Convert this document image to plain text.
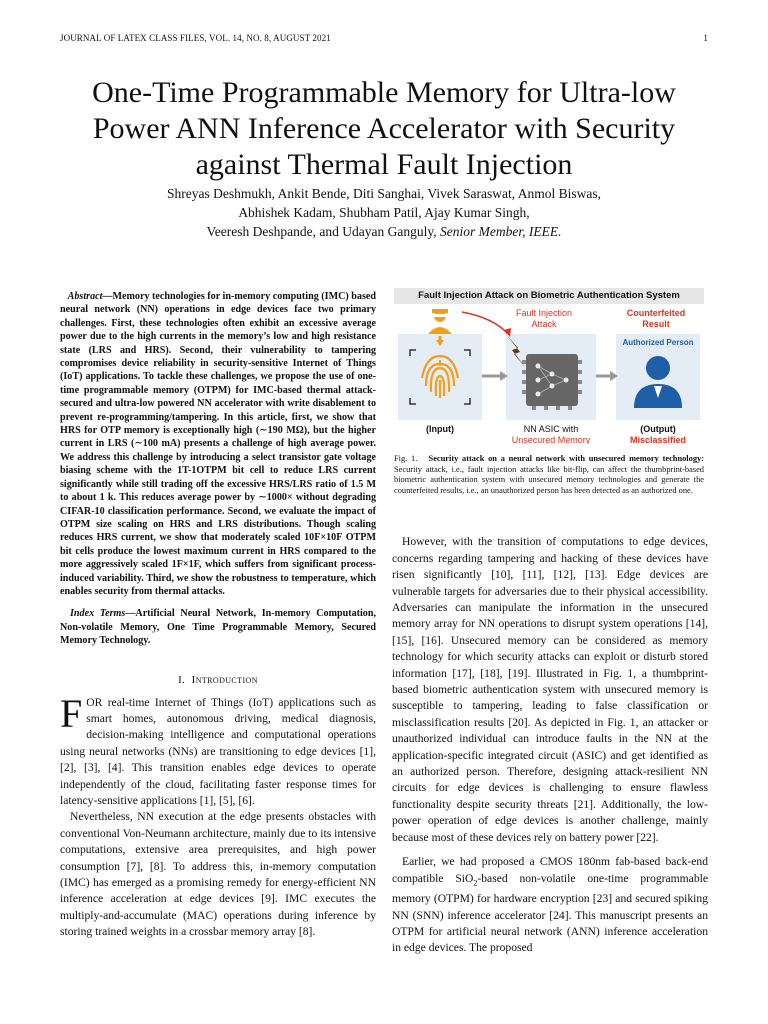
JOURNAL OF LATEX CLASS FILES, VOL. 14, NO. 8, AUGUST 2021	1
One-Time Programmable Memory for Ultra-low
Power ANN Inference Accelerator with Security
against Thermal Fault Injection
Shreyas Deshmukh, Ankit Bende, Diti Sanghai, Vivek Saraswat, Anmol Biswas,
Abhishek Kadam, Shubham Patil, Ajay Kumar Singh,
Veeresh Deshpande, and Udayan Ganguly, Senior Member, IEEE.

Abstract—Memory technologies for in-memory computing (IMC) based neural network (NN) operations in edge devices face two primary challenges. First, these technologies often exhibit an excessive average power due to the high currents in the memory’s low and high resistance state (LRS and HRS). Second, their vulnerability to tampering compromises device reliability in security-sensitive Internet of Things (IoT) applications. To tackle these challenges, we propose the use of one-time programmable memory (OTPM) for IMC-based thermal attack-secured and ultra-low powered NN accelerator with write disablement to prevent re-programming/tampering. In this article, first, we show that HRS for OTP memory is exceptionally high (∼190 MΩ), but the higher current in LRS (∼100 mA) presents a challenge of high average power. We address this challenge by introducing a select transistor gate voltage biasing scheme with the 1T-1OTPM bit cell to reduce LRS current significantly while still trading off the excessive HRS/LRS ratio of 1.5 M to about 1 k. This reduces average power by ∼1000× without degrading CIFAR-10 classification performance. Second, we evaluate the impact of OTPM size scaling on HRS and LRS distributions. Though scaling reduces HRS current, we show that moderately scaled 10F×10F OTPM bit cells produce the lowest maximum current in HRS compared to the more aggressively scaled 1F×1F, which suffers from significant process-induced variability. Third, we show the robustness to temperature, which enables security from thermal attacks.

Index Terms—Artificial Neural Network, In-memory Computation, Non-volatile Memory, One Time Programmable Memory, Secured Memory Technology.

I. Introduction

FOR real-time Internet of Things (IoT) applications such as smart homes, autonomous driving, medical diagnosis, decision-making intelligence and computational operations using neural networks (NNs) are transitioning to edge devices [1], [2], [3], [4]. This transition enables edge devices to operate independently of the cloud, facilitating faster response times for latency-sensitive applications [1], [5], [6].

Nevertheless, NN execution at the edge presents obstacles with conventional Von-Neumann architecture, mainly due to its intensive computations, extensive area prerequisites, and high power consumption [7], [8]. To address this, in-memory computation (IMC) has emerged as a promising remedy for energy-efficient NN inference acceleration at edge devices [9]. IMC executes the multiply-and-accumulate (MAC) operations during inference by storing trained weights in a crossbar memory array [8].

Fault Injection Attack on Biometric Authentication System
Fault Injection
Attack
Counterfeited
Result
Authorized Person
(Input)	NN ASIC with
Unsecured Memory
(Output)
Misclassified

Fig. 1. Security attack on a neural network with unsecured memory technology: Security attack, i.e., fault injection attacks like bit-flip, can affect the thumbprint-based biometric authentication system with unsecured memory technologies and generate the counterfeited results, i.e., an unauthorized person has been detected as an authorized one.

However, with the transition of computations to edge devices, concerns regarding tampering and hacking of these devices have risen significantly [10], [11], [12], [13]. Edge devices are vulnerable targets for adversaries due to their physical accessibility. Adversaries can manipulate the information in the unsecured memory array for NN operations to disrupt system operations [14], [15], [16]. Unsecured memory can be considered as memory technology for which security attacks can exploit or disturb stored information [17], [18], [19]. Illustrated in Fig. 1, a thumbprint-based biometric authentication system with unsecured memory is susceptible to tampering, leading to false classification or misclassification results [20]. As depicted in Fig. 1, an attacker or unauthorized individual can introduce faults in the NN at the application-specific integrated circuit (ASIC) and get identified as an authorized person. Therefore, designing attack-resilient NN circuits for edge devices is challenging to ensure flawless functionality despite security threats [21]. Additionally, the low-power operation of edge devices is another challenge, mainly because most of these devices rely on battery power [22].

Earlier, we had proposed a CMOS 180nm fab-based back-end compatible SiO$_2$-based non-volatile one-time programmable memory (OTPM) for hardware encryption [23] and secured spiking NN (SNN) inference accelerator [24]. This manuscript presents an OTPM for artificial neural network (ANN) inference acceleration in edge devices. The proposed
